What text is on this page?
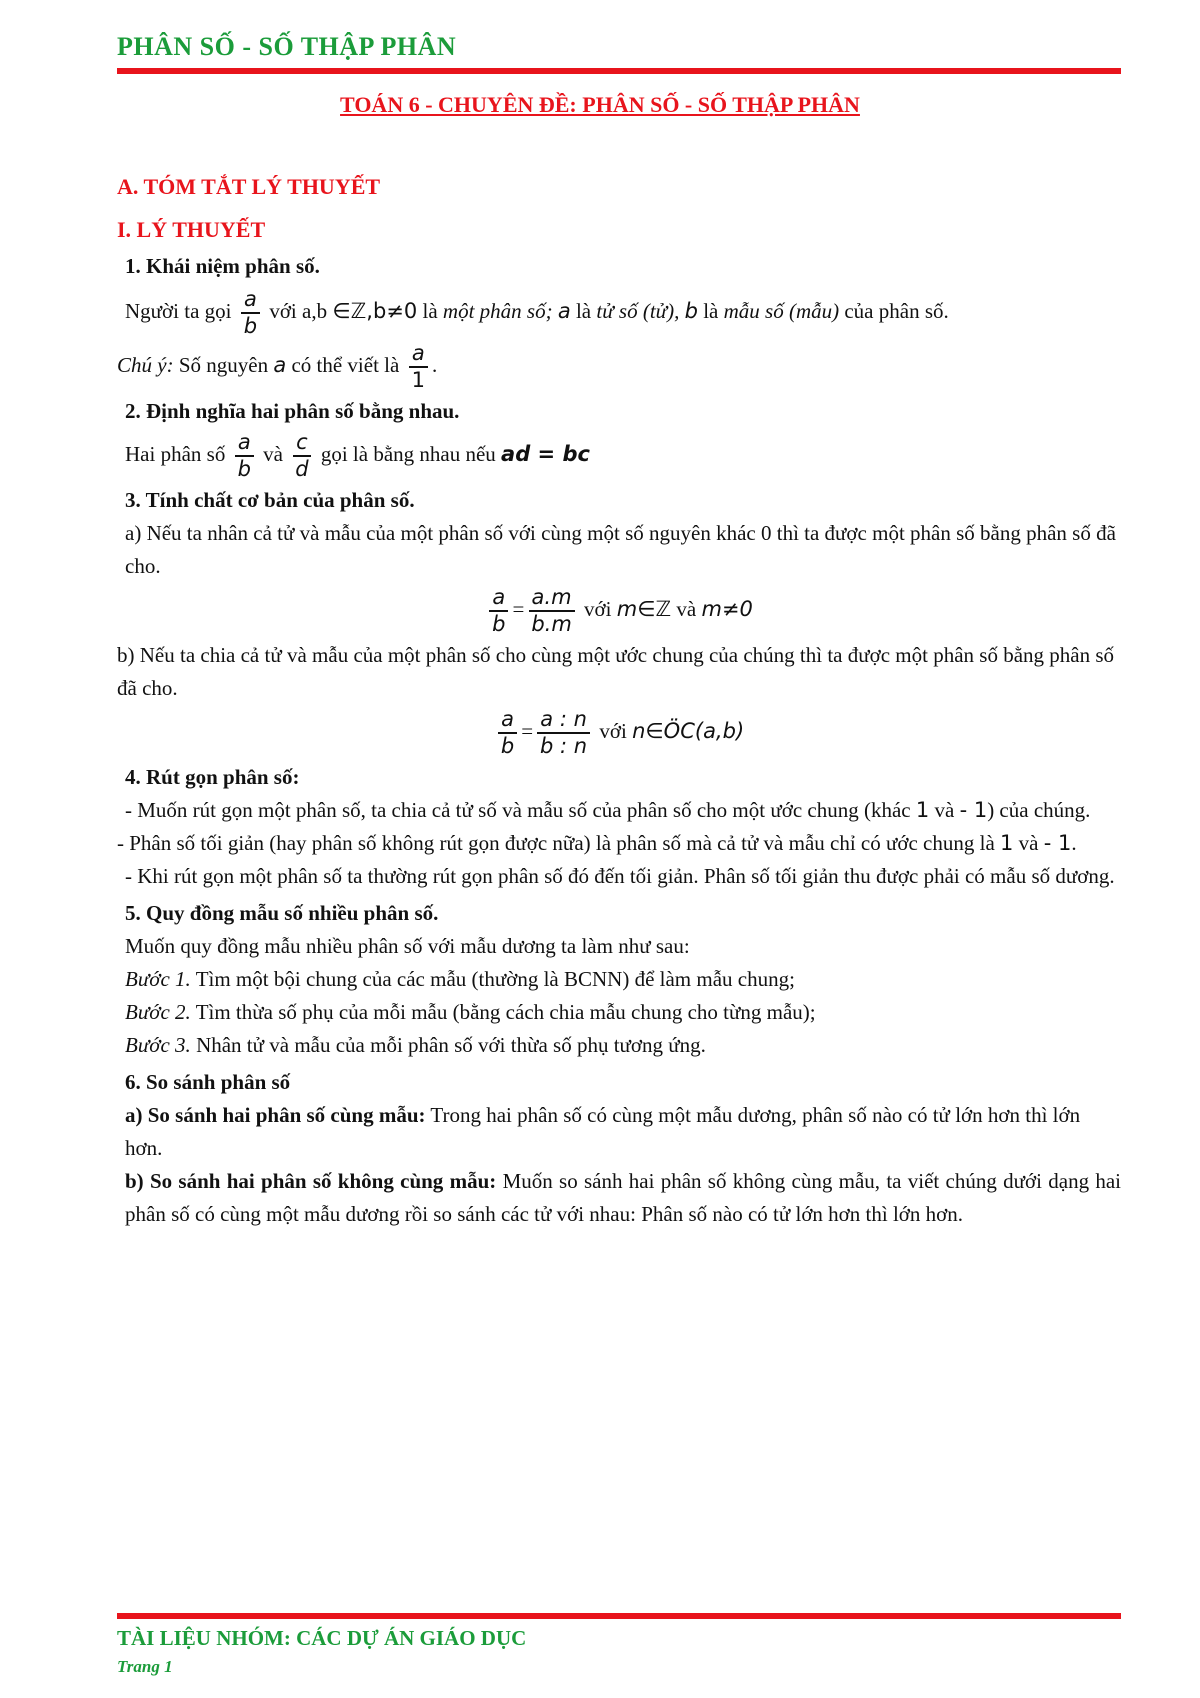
PHÂN SỐ - SỐ THẬP PHÂN
TOÁN 6 - CHUYÊN ĐỀ: PHÂN SỐ - SỐ THẬP PHÂN

A. TÓM TẮT LÝ THUYẾT

I. LÝ THUYẾT

1. Khái niệm phân số.

Người ta gọi $\frac{a}{b}$ với a,b ∈ℤ,b≠0 là một phân số; a là tử số (tử), b là mẫu số (mẫu) của phân số.

Chú ý: Số nguyên a có thể viết là $\frac{a}{1}$ .

2. Định nghĩa hai phân số bằng nhau.

Hai phân số $\frac{a}{b}$ và $\frac{c}{d}$ gọi là bằng nhau nếu ad = bc

3. Tính chất cơ bản của phân số.

a) Nếu ta nhân cả tử và mẫu của một phân số với cùng một số nguyên khác 0 thì ta được một phân số bằng phân số đã cho.

$\frac{a}{b} = \frac{a.m}{b.m}$ với m∈ℤ và m≠0

b) Nếu ta chia cả tử và mẫu của một phân số cho cùng một ước chung của chúng thì ta được một phân số bằng phân số đã cho.

$\frac{a}{b} = \frac{a : n}{b : n}$ với n∈ÖC(a,b)

4. Rút gọn phân số:

- Muốn rút gọn một phân số, ta chia cả tử số và mẫu số của phân số cho một ước chung (khác 1 và - 1) của chúng.

- Phân số tối giản (hay phân số không rút gọn được nữa) là phân số mà cả tử và mẫu chỉ có ước chung là 1 và - 1.

- Khi rút gọn một phân số ta thường rút gọn phân số đó đến tối giản. Phân số tối giản thu được phải có mẫu số dương.

5. Quy đồng mẫu số nhiều phân số.

Muốn quy đồng mẫu nhiều phân số với mẫu dương ta làm như sau:

Bước 1. Tìm một bội chung của các mẫu (thường là BCNN) để làm mẫu chung;

Bước 2. Tìm thừa số phụ của mỗi mẫu (bằng cách chia mẫu chung cho từng mẫu);

Bước 3. Nhân tử và mẫu của mỗi phân số với thừa số phụ tương ứng.

6. So sánh phân số

a) So sánh hai phân số cùng mẫu: Trong hai phân số có cùng một mẫu dương, phân số nào có tử lớn hơn thì lớn hơn.

b) So sánh hai phân số không cùng mẫu: Muốn so sánh hai phân số không cùng mẫu, ta viết chúng dưới dạng hai phân số có cùng một mẫu dương rồi so sánh các tử với nhau: Phân số nào có tử lớn hơn thì lớn hơn.

TÀI LIỆU NHÓM: CÁC DỰ ÁN GIÁO DỤC
Trang 1
